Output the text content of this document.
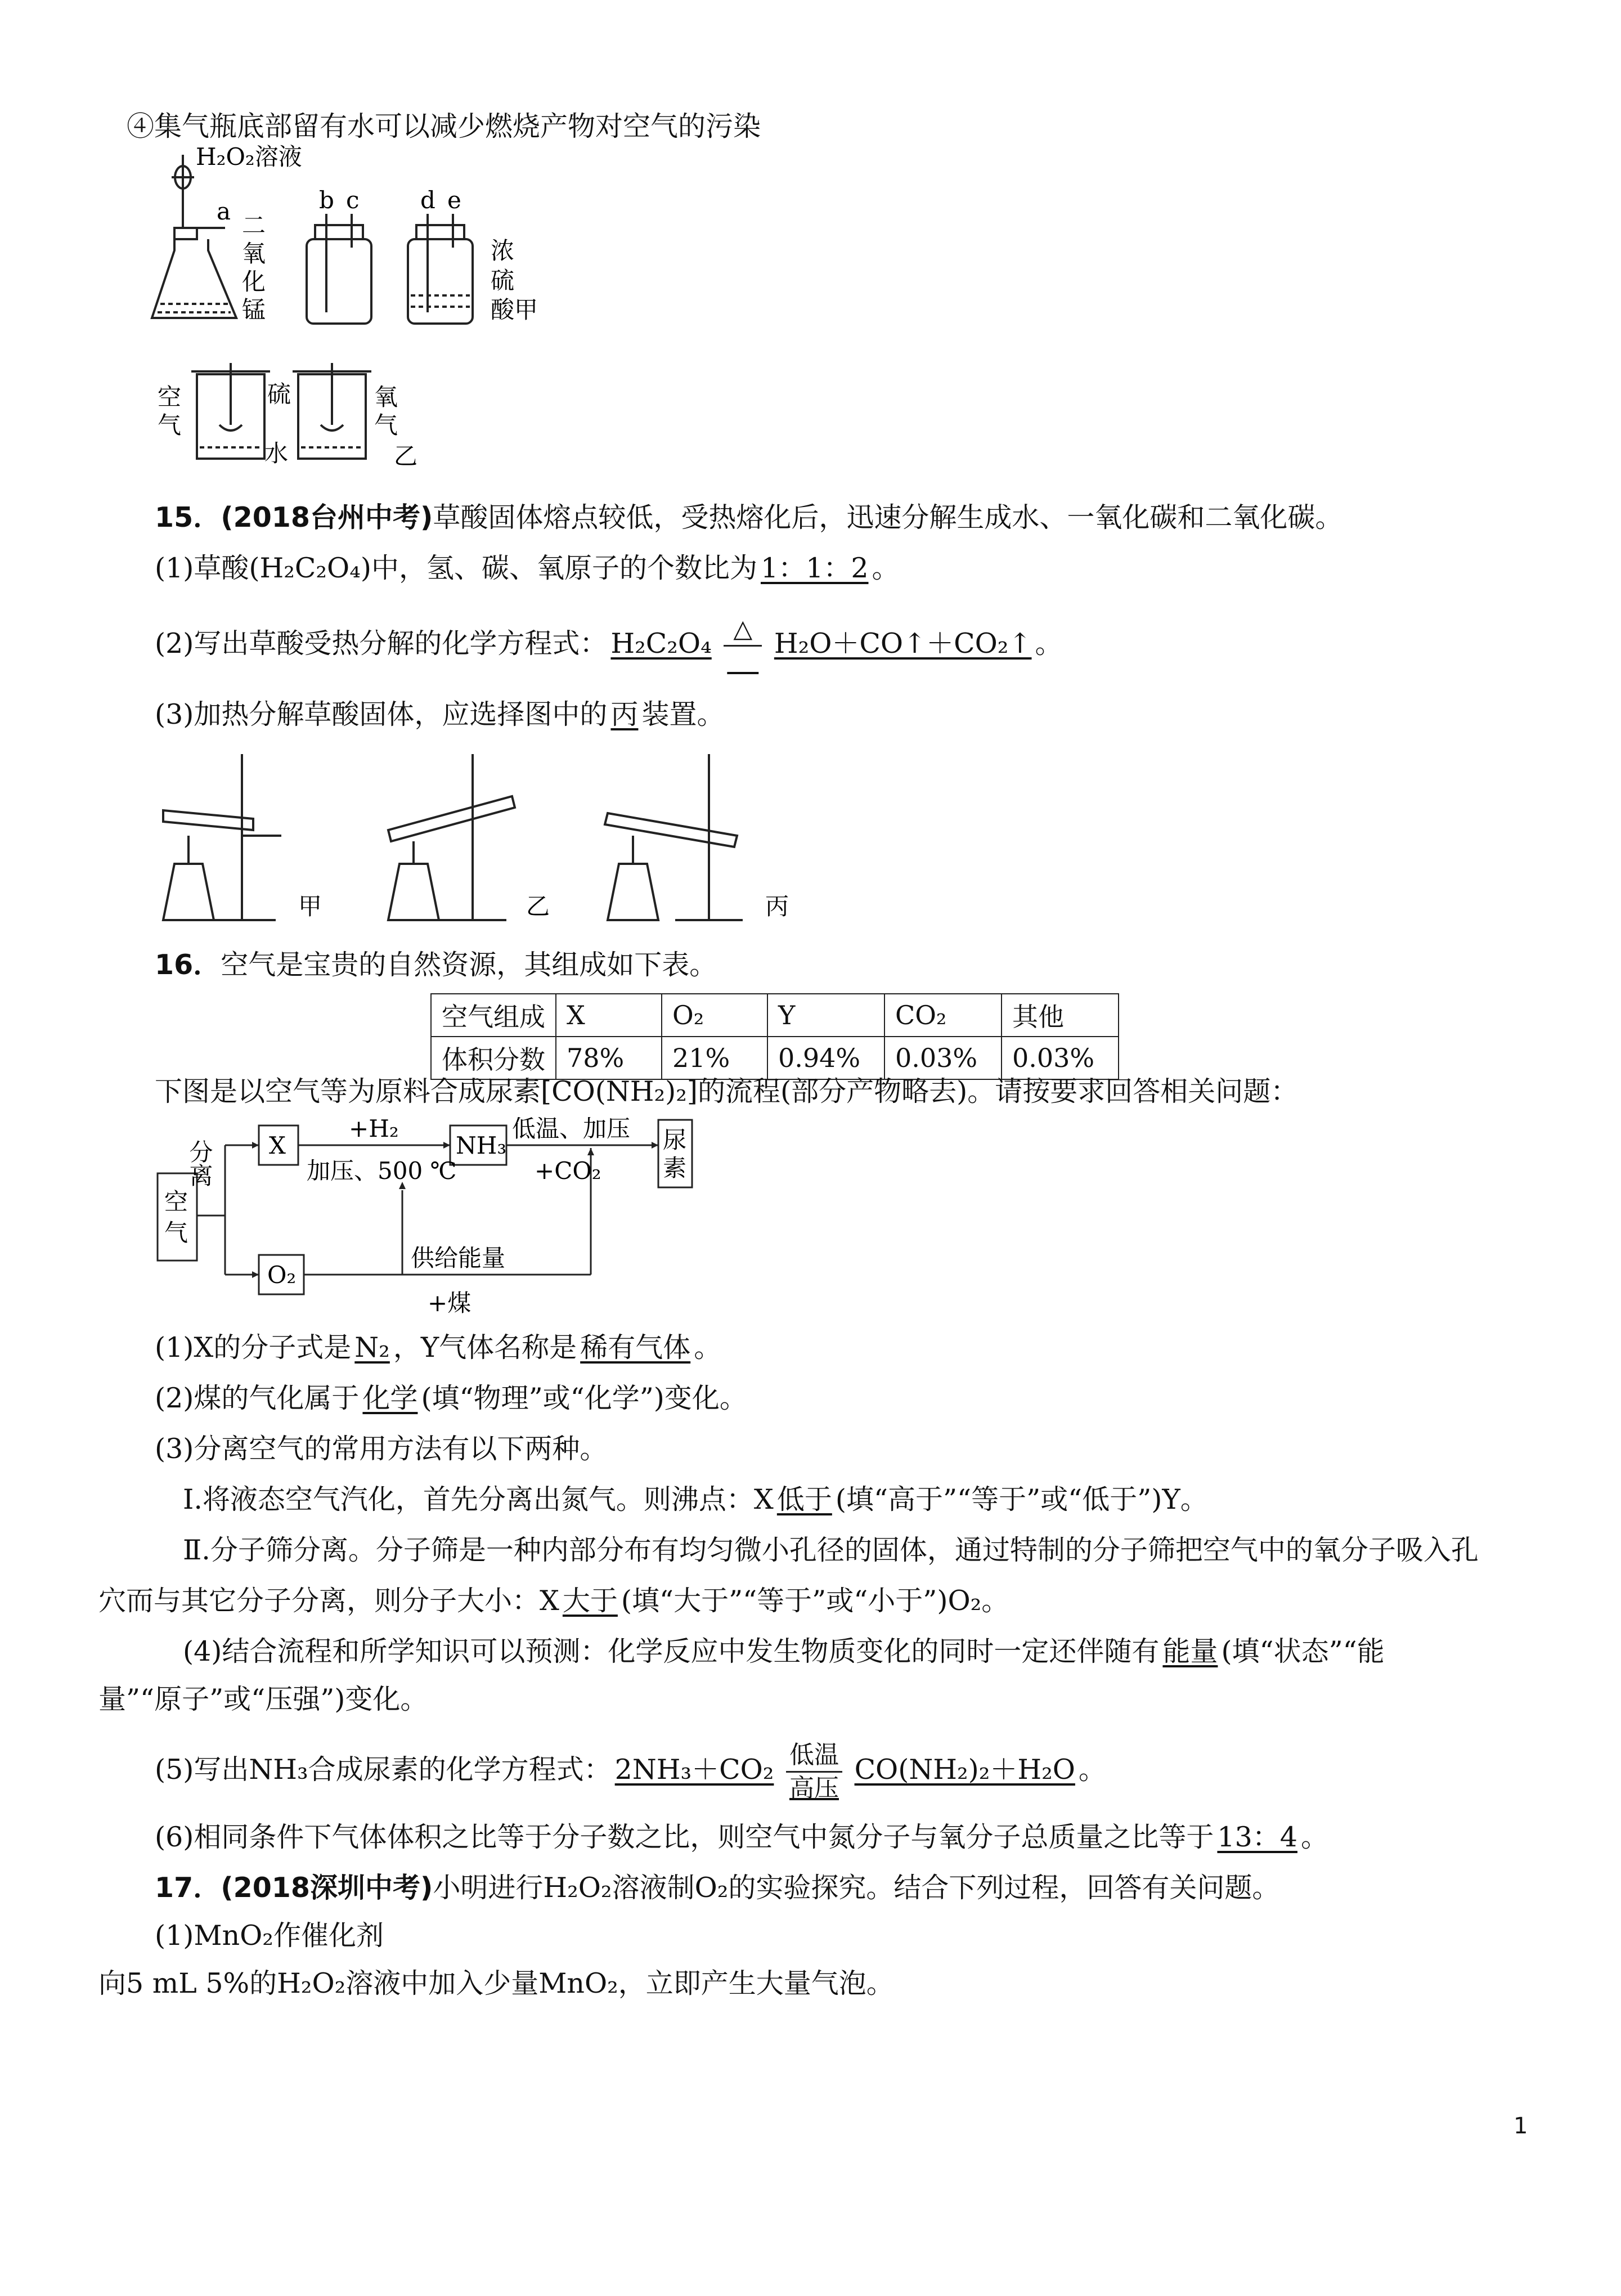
④集气瓶底部留有水可以减少燃烧产物对空气的污染
H₂O₂溶液
a
二
氧
化
锰
b c	d e
浓
硫
酸甲
空
气
硫
水
氧
气
乙
15．(2018台州中考)草酸固体熔点较低，受热熔化后，迅速分解生成水、一氧化碳和二氧化碳。
(1)草酸(H₂C₂O₄)中，氢、碳、氧原子的个数比为 1：1：2 。
(2)写出草酸受热分解的化学方程式： H₂C₂O₄ △
H₂O＋CO↑＋CO₂↑ 。
(3)加热分解草酸固体，应选择图中的 丙 装置。
甲	乙	丙
16．空气是宝贵的自然资源，其组成如下表。
空气组成	X	O₂	Y	CO₂	其他
体积分数	78%	21%	0.94%	0.03%	0.03%
下图是以空气等为原料合成尿素[CO(NH₂)₂]的流程(部分产物略去)。请按要求回答相关问题：
空
气
分离 X
+H₂
加压、500 ℃
NH₃
低温、加压
+CO₂
尿
素
O₂
供给能量
+煤
(1)X的分子式是 N₂ ，Y气体名称是 稀有气体 。
(2)煤的气化属于 化学 (填“物理”或“化学”)变化。
(3)分离空气的常用方法有以下两种。
Ⅰ.将液态空气汽化，首先分离出氮气。则沸点：X 低于 (填“高于”“等于”或“低于”)Y。
Ⅱ.分子筛分离。分子筛是一种内部分布有均匀微小孔径的固体，通过特制的分子筛把空气中的氧分子吸入孔
穴而与其它分子分离，则分子大小：X 大于 (填“大于”“等于”或“小于”)O₂。
(4)结合流程和所学知识可以预测：化学反应中发生物质变化的同时一定还伴随有 能量 (填“状态”“能
量”“原子”或“压强”)变化。
(5)写出NH₃合成尿素的化学方程式： $2NH_3+CO_2 \frac{\text{低温}}{\text{高压}} CO(NH_2)_2+H_2O$ 。
(6)相同条件下气体体积之比等于分子数之比，则空气中氮分子与氧分子总质量之比等于 13：4 。
17．(2018深圳中考)小明进行H₂O₂溶液制O₂的实验探究。结合下列过程，回答有关问题。
(1)MnO₂作催化剂
向5 mL 5%的H₂O₂溶液中加入少量MnO₂，立即产生大量气泡。
1
